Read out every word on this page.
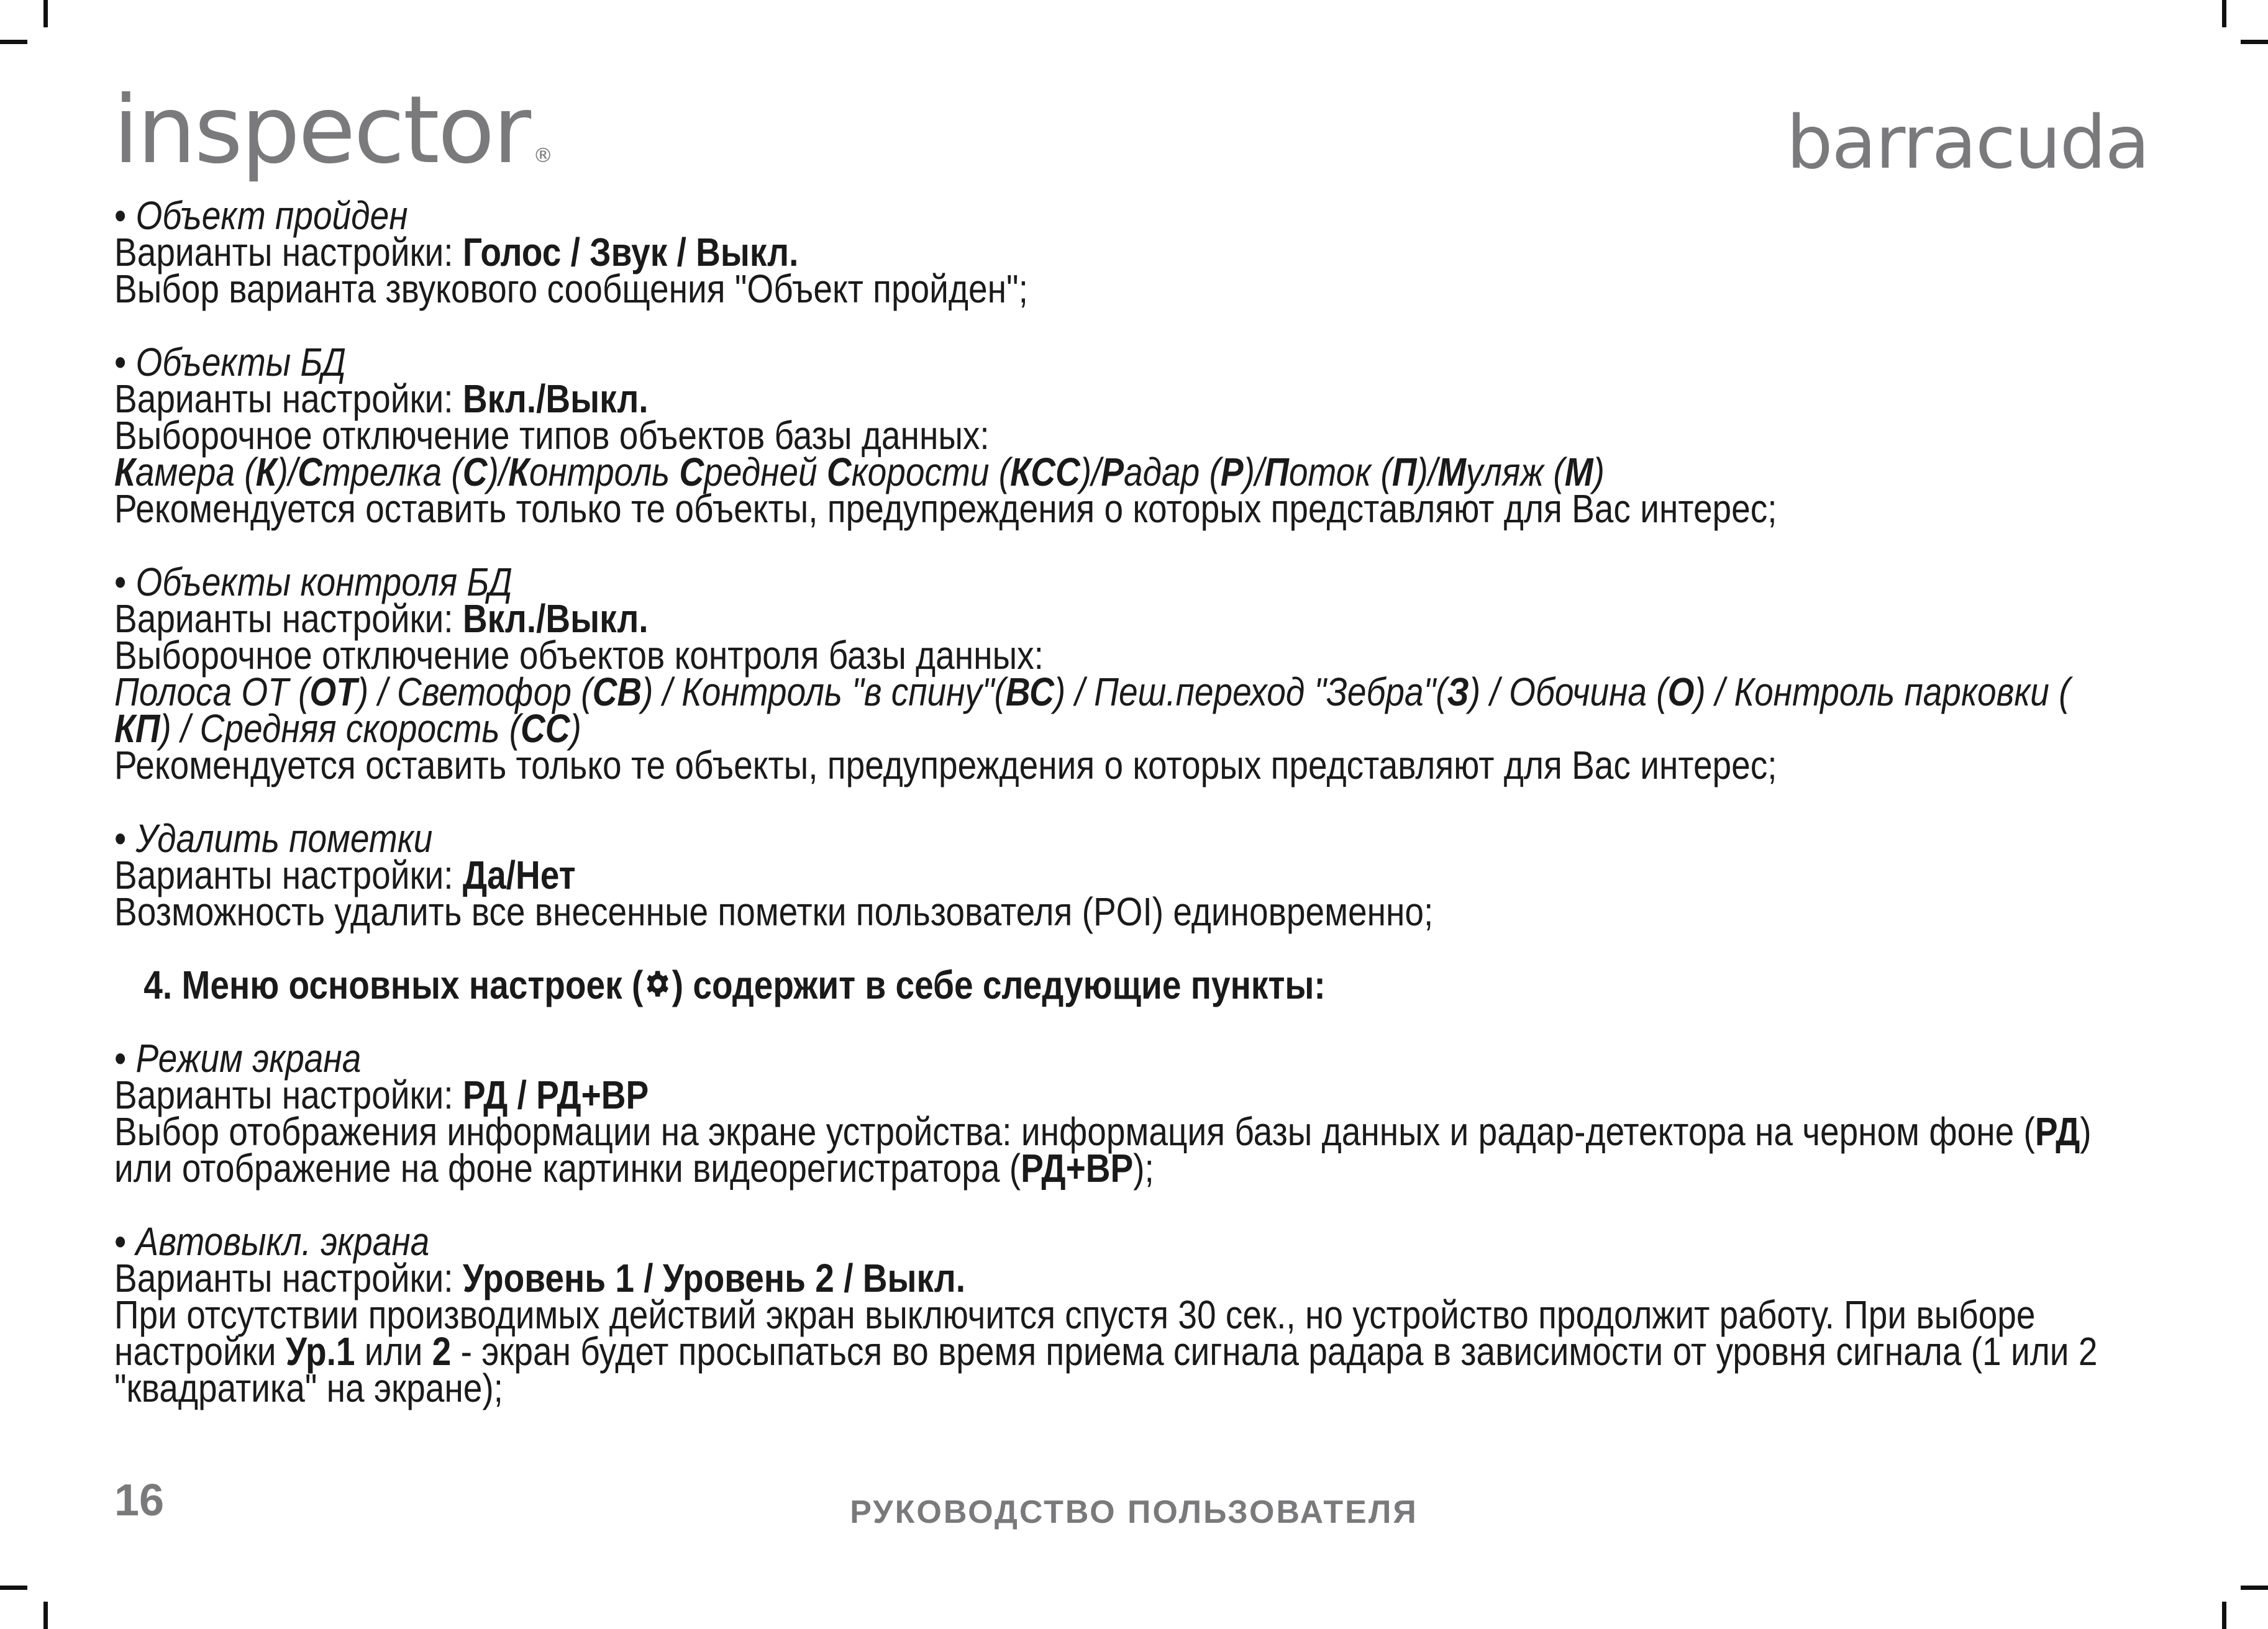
inspector ®	barracuda
• Объект пройден
Варианты настройки: Голос / Звук / Выкл.
Выбор варианта звукового сообщения "Объект пройден";
• Объекты БД
Варианты настройки: Вкл./Выкл.
Выборочное отключение типов объектов базы данных:
Камера (К)/Стрелка (С)/Контроль Средней Скорости (КСС)/Радар (Р)/Поток (П)/Муляж (М)
Рекомендуется оставить только те объекты, предупреждения о которых представляют для Вас интерес;
• Объекты контроля БД
Варианты настройки: Вкл./Выкл.
Выборочное отключение объектов контроля базы данных:
Полоса ОТ (ОТ) / Светофор (СВ) / Контроль "в спину"(ВС) / Пеш.переход "Зебра"(З) / Обочина (О) / Контроль парковки (
КП) / Средняя скорость (СС)
Рекомендуется оставить только те объекты, предупреждения о которых представляют для Вас интерес;
• Удалить пометки
Варианты настройки: Да/Нет
Возможность удалить все внесенные пометки пользователя (POI) единовременно;
4. Меню основных настроек ( ) содержит в себе следующие пункты:
• Режим экрана
Варианты настройки: РД / РД+ВР
Выбор отображения информации на экране устройства: информация базы данных и радар-детектора на черном фоне (РД) или отображение на фоне картинки видеорегистратора (РД+ВР);
• Автовыкл. экрана
Варианты настройки: Уровень 1 / Уровень 2 / Выкл.
При отсутствии производимых действий экран выключится спустя 30 сек., но устройство продолжит работу. При выборе настройки Ур.1 или 2 - экран будет просыпаться во время приема сигнала радара в зависимости от уровня сигнала (1 или 2 "квадратика" на экране);
16	РУКОВОДСТВО ПОЛЬЗОВАТЕЛЯ
